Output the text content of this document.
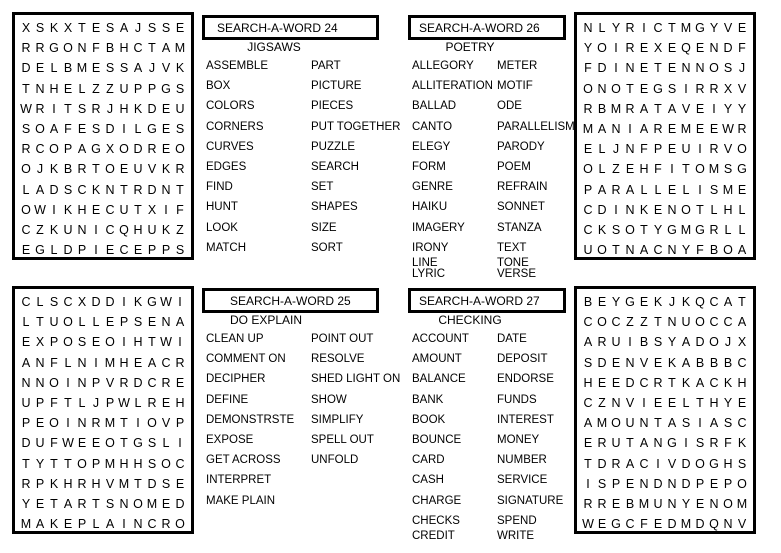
X S K X T E S A J S S E
R R G O N F B H C T A M
D E L B M E S S A J V K
T N H E L Z Z U P P G S
W R I T S R J H K D E U
S O A F E S D I L G E S
R C O P A G X O D R E O
O J K B R T O E U V K R
L A D S C K N T R D N T
O W I K H E C U T X I F
C Z K U N I C Q H U K Z
E G L D P I E C E P P S
SEARCH-A-WORD 24
JIGSAWS
ASSEMBLE
BOX
COLORS
CORNERS
CURVES
EDGES
FIND
HUNT
LOOK
MATCH
PART
PICTURE
PIECES
PUT TOGETHER
PUZZLE
SEARCH
SET
SHAPES
SIZE
SORT
SEARCH-A-WORD 26
POETRY
ALLEGORY
ALLITERATION
BALLAD
CANTO
ELEGY
FORM
GENRE
HAIKU
IMAGERY
IRONY
LINE
LYRIC
METER
MOTIF
ODE
PARALLELISM
PARODY
POEM
REFRAIN
SONNET
STANZA
TEXT
TONE
VERSE
N L Y R I C T M G Y V E
Y O I R E X E Q E N D F
F D I N E T E N N O S J
O N O T E G S I R R X V
R B M R A T A V E I Y Y
M A N I A R E M E E W R
E L J N F P E U I R V O
O L Z E H F I T O M S G
P A R A L L E L I S M E
C D I N K E N O T L H L
C K S O T Y G M G R L L
U O T N A C N Y F B O A
C L S C X D D I K G W I
L T U O L L E P S E N A
E X P O S E O I H T W I
A N F L N I M H E A C R
N N O I N P V R D C R E
U P F T L J P W L R E H
P E O I N R M T I O V P
D U F W E E O T G S L I
T Y T T O P M H H S O C
R P K H R H V M T D S E
Y E T A R T S N O M E D
M A K E P L A I N C R O
SEARCH-A-WORD 25
DO EXPLAIN
CLEAN UP
COMMENT ON
DECIPHER
DEFINE
DEMONSTRSTE
EXPOSE
GET ACROSS
INTERPRET
MAKE PLAIN
POINT OUT
RESOLVE
SHED LIGHT ON
SHOW
SIMPLIFY
SPELL OUT
UNFOLD
SEARCH-A-WORD 27
CHECKING
ACCOUNT
AMOUNT
BALANCE
BANK
BOOK
BOUNCE
CARD
CASH
CHARGE
CHECKS
CREDIT
DATE
DEPOSIT
ENDORSE
FUNDS
INTEREST
MONEY
NUMBER
SERVICE
SIGNATURE
SPEND
WRITE
B E Y G E K J K Q C A T
C O C Z Z T N U O C C A
A R U I B S Y A D O J X
S D E N V E K A B B B C
H E E D C R T K A C K H
C Z N V I E E L T H Y E
A M O U N T A S I A S C
E R U T A N G I S R F K
T D R A C I V D O G H S
I S P E N D N D P E P O
R R E B M U N Y E N O M
W E G C F E D M D Q N V
